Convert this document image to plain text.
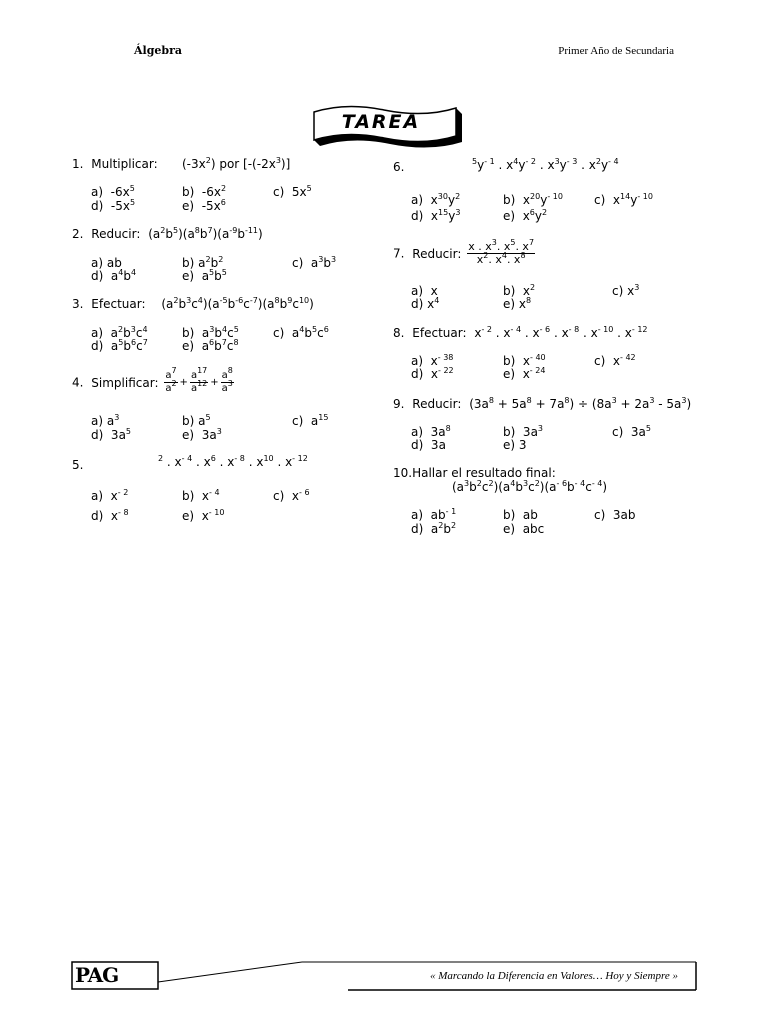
Álgebra	Primer Año de Secundaria
TAREA
1. Multiplicar: $(-3x^2)$ por $[-(-2x^3)]$
a)  $-6x^5$	b)  $-6x^2$	c)  $5x^5$
d)  $-5x^5$	e)  $-5x^6$
2. Reducir: $(a^2b^5)(a^8b^7)(a^{-9}b^{-11})$
a) ab	b) $a^2b^2$	c)  $a^3b^3$
d)  $a^4b^4$	e)  $a^5b^5$
3. Efectuar: $(a^2b^3c^4)(a^{-5}b^{-6}c^{-7})(a^8b^9c^{10})$
a)  $a^2b^3c^4$	b)  $a^3b^4c^5$	c)  $a^4b^5c^6$
d)  $a^5b^6c^7$	e)  $a^6b^7c^8$
4. Simplificar: $\frac{a^7}{a^2} + \frac{a^{17}}{a^{12}} + \frac{a^8}{a^3}$
a) $a^3$	b) $a^5$	c)  $a^{15}$
d)  $3a^5$	e)  $3a^3$
5.	$^2$ . $x^{- 4}$ . $x^6$ . $x^{- 8}$ . $x^{10}$ . $x^{- 12}$
a)  $x^{- 2}$	b)  $x^{- 4}$	c)  $x^{- 6}$
d)  $x^{- 8}$	e)  $x^{- 10}$
6.	$^5y^{- 1}$ . $x^4y^{- 2}$ . $x^3y^{- 3}$ . $x^2y^{- 4}$
a)  $x^{30}y^2$	b)  $x^{20}y^{- 10}$	c)  $x^{14}y^{- 10}$
d)  $x^{15}y^3$	e)  $x^6y^2$
7. Reducir: $\frac{x . x^3. x^5. x^7}{x^2. x^4. x^8}$
a)  x	b)  $x^2$	c) $x^3$
d) $x^4$	e) $x^8$
8. Efectuar: $x^{- 2}$ . $x^{- 4}$ . $x^{- 6}$ . $x^{- 8}$ . $x^{- 10}$ . $x^{- 12}$
a)  $x^{- 38}$	b)  $x^{- 40}$	c)  $x^{- 42}$
d)  $x^{- 22}$	e)  $x^{- 24}$
9. Reducir: $(3a^8 + 5a^8 + 7a^8) \div (8a^3 + 2a^3 - 5a^3)$
a)  $3a^8$	b)  $3a^3$	c)  $3a^5$
d)  3a	e) 3
10.Hallar el resultado final:
$(a^3b^2c^2)(a^4b^3c^2)(a^{- 6}b^{- 4}c^{- 4})$
a)  $ab^{- 1}$	b)  ab	c)  3ab
d)  $a^2b^2$	e)  abc
PAG	« Marcando la Diferencia en Valores… Hoy y Siempre »
